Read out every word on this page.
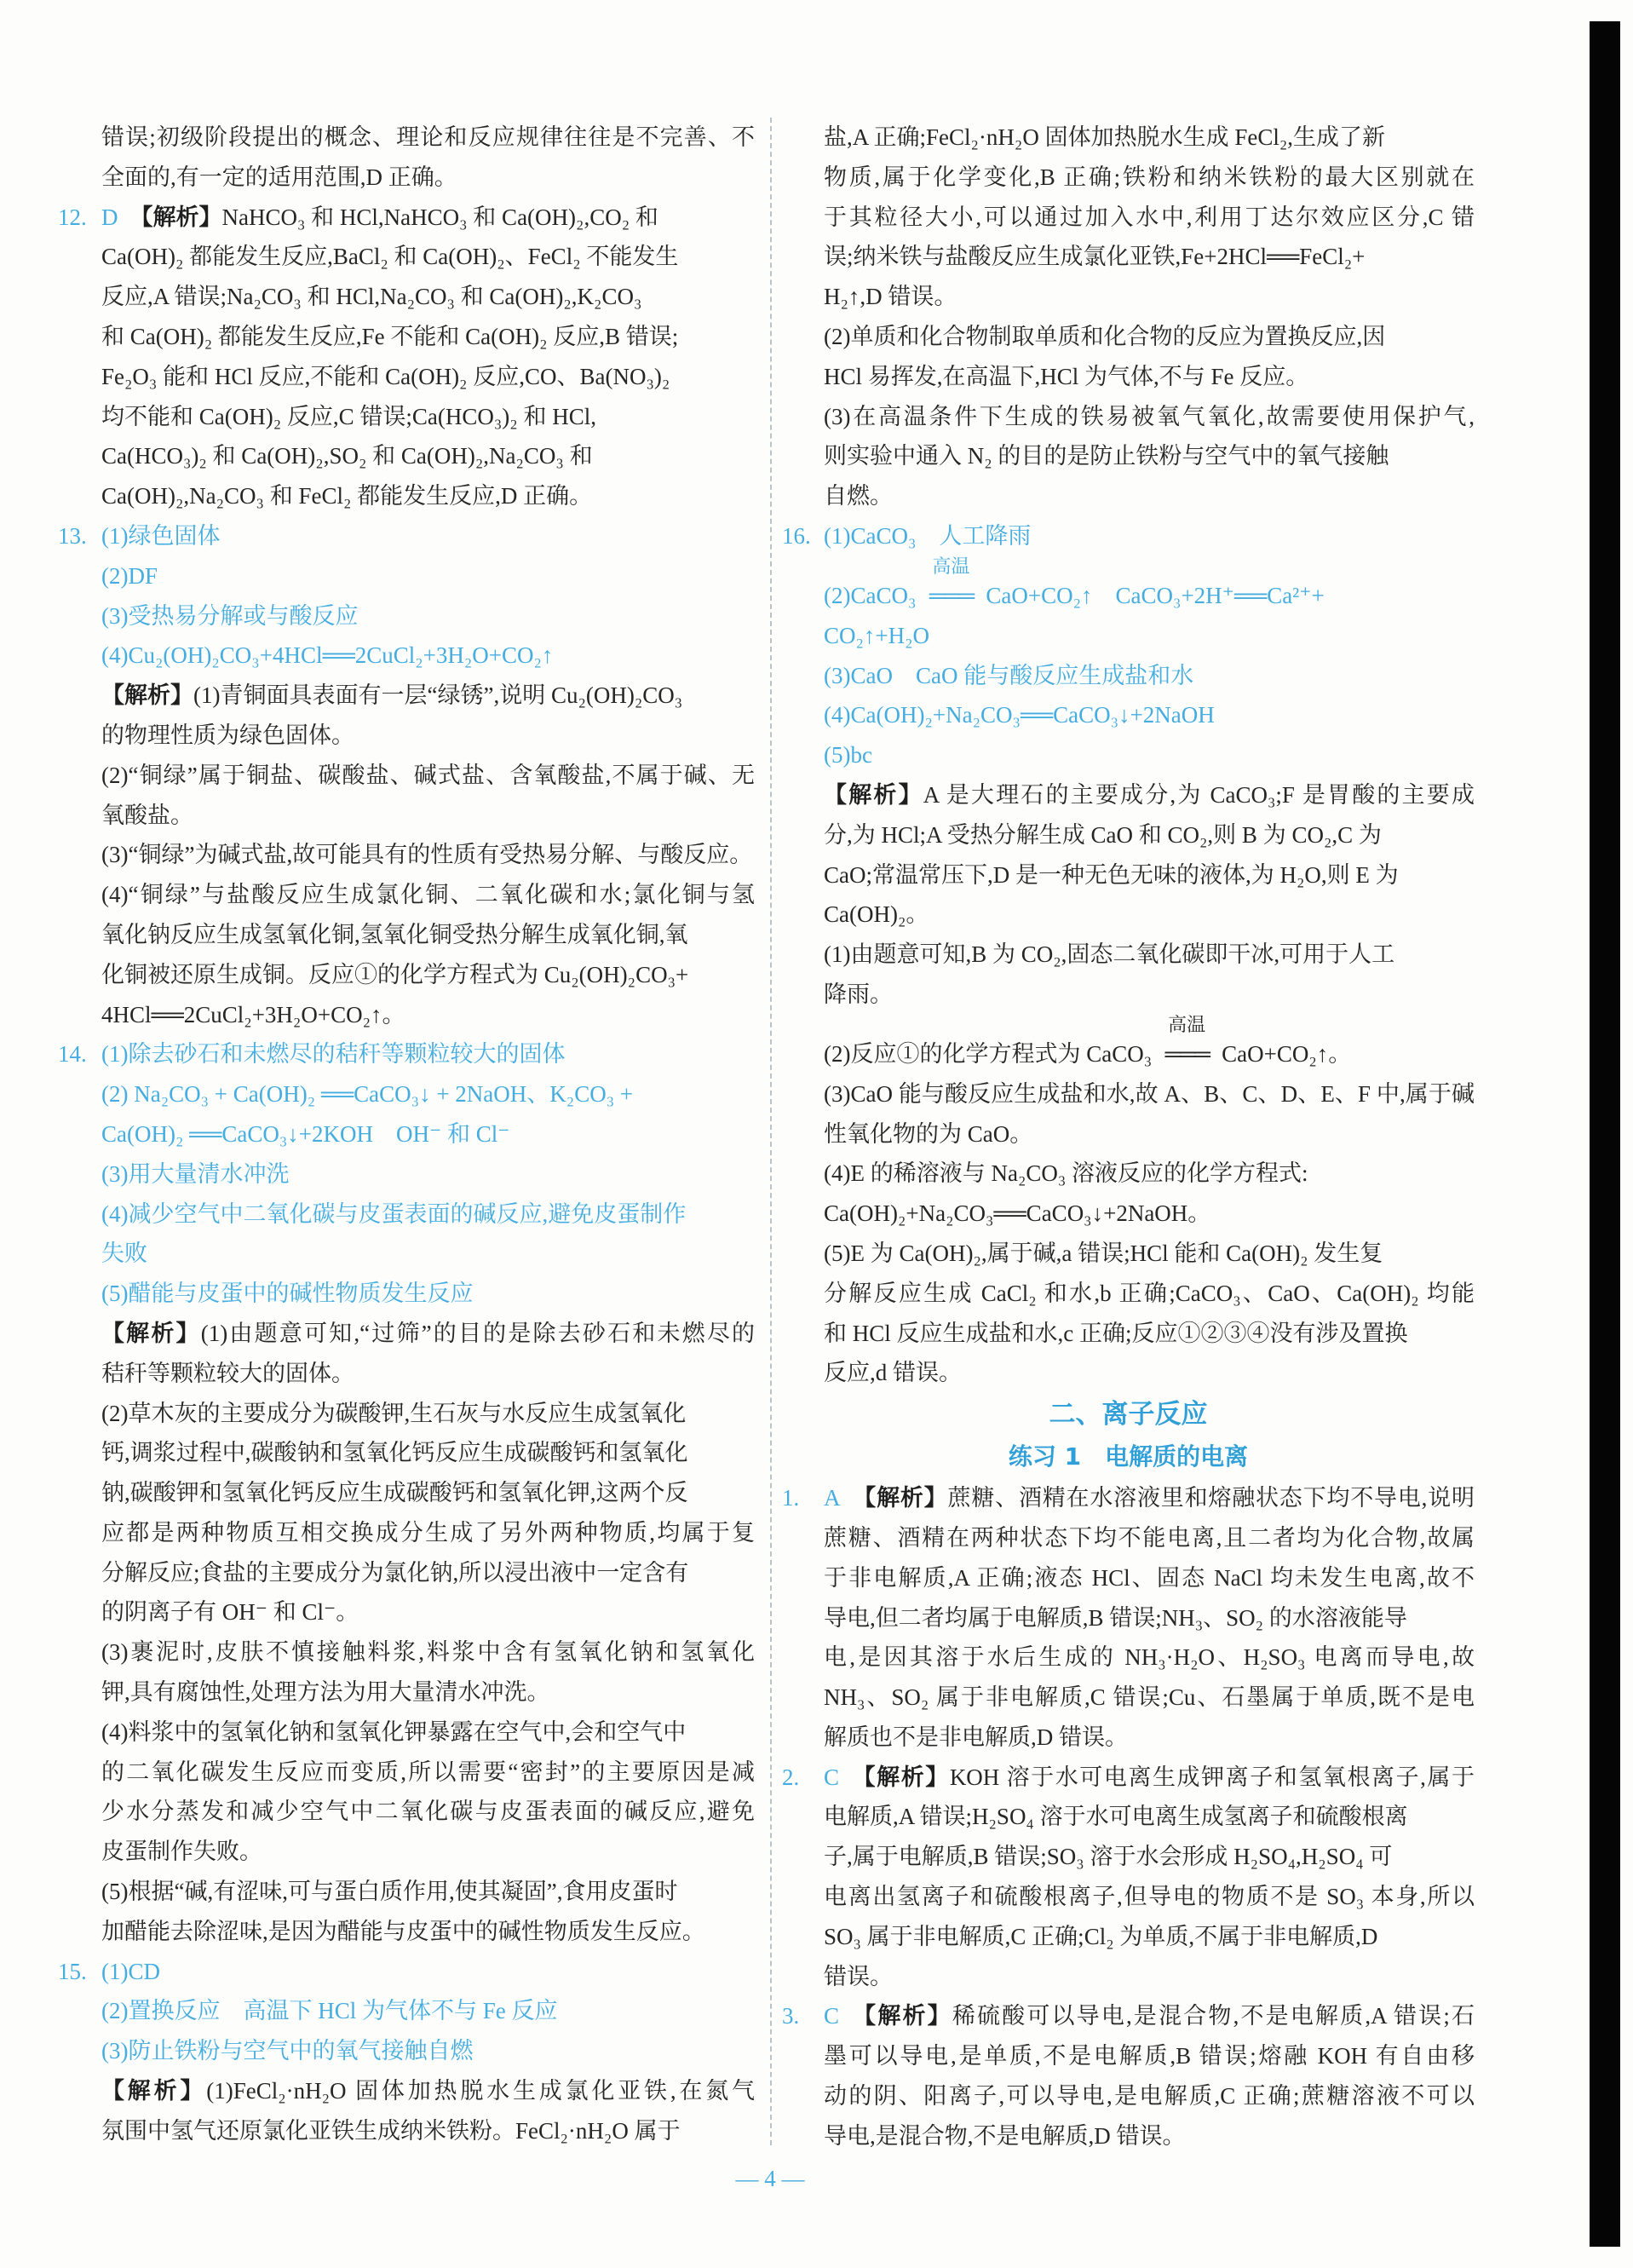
错误;初级阶段提出的概念、理论和反应规律往往是不完善、不
全面的,有一定的适用范围,D 正确。
12. D 【解析】NaHCO₃ 和 HCl,NaHCO₃ 和 Ca(OH)₂,CO₂ 和
Ca(OH)₂ 都能发生反应,BaCl₂ 和 Ca(OH)₂、FeCl₂ 不能发生
反应,A 错误;Na₂CO₃ 和 HCl,Na₂CO₃ 和 Ca(OH)₂,K₂CO₃
和 Ca(OH)₂ 都能发生反应,Fe 不能和 Ca(OH)₂ 反应,B 错误;
Fe₂O₃ 能和 HCl 反应,不能和 Ca(OH)₂ 反应,CO、Ba(NO₃)₂
均不能和 Ca(OH)₂ 反应,C 错误;Ca(HCO₃)₂ 和 HCl,
Ca(HCO₃)₂ 和 Ca(OH)₂,SO₂ 和 Ca(OH)₂,Na₂CO₃ 和
Ca(OH)₂,Na₂CO₃ 和 FeCl₂ 都能发生反应,D 正确。
13. (1)绿色固体
(2)DF
(3)受热易分解或与酸反应
(4)Cu₂(OH)₂CO₃+4HCl══2CuCl₂+3H₂O+CO₂↑
【解析】(1)青铜面具表面有一层“绿锈”,说明 Cu₂(OH)₂CO₃
的物理性质为绿色固体。
(2)“铜绿”属于铜盐、碳酸盐、碱式盐、含氧酸盐,不属于碱、无
氧酸盐。
(3)“铜绿”为碱式盐,故可能具有的性质有受热易分解、与酸反应。
(4)“铜绿”与盐酸反应生成氯化铜、二氧化碳和水;氯化铜与氢
氧化钠反应生成氢氧化铜,氢氧化铜受热分解生成氧化铜,氧
化铜被还原生成铜。反应①的化学方程式为 Cu₂(OH)₂CO₃+
4HCl══2CuCl₂+3H₂O+CO₂↑。
14. (1)除去砂石和未燃尽的秸秆等颗粒较大的固体
(2) Na₂CO₃ + Ca(OH)₂ ══CaCO₃↓ + 2NaOH、K₂CO₃ +
Ca(OH)₂ ══CaCO₃↓+2KOH　OH⁻ 和 Cl⁻
(3)用大量清水冲洗
(4)减少空气中二氧化碳与皮蛋表面的碱反应,避免皮蛋制作
失败
(5)醋能与皮蛋中的碱性物质发生反应
【解析】(1)由题意可知,“过筛”的目的是除去砂石和未燃尽的
秸秆等颗粒较大的固体。
(2)草木灰的主要成分为碳酸钾,生石灰与水反应生成氢氧化
钙,调浆过程中,碳酸钠和氢氧化钙反应生成碳酸钙和氢氧化
钠,碳酸钾和氢氧化钙反应生成碳酸钙和氢氧化钾,这两个反
应都是两种物质互相交换成分生成了另外两种物质,均属于复
分解反应;食盐的主要成分为氯化钠,所以浸出液中一定含有
的阴离子有 OH⁻ 和 Cl⁻。
(3)裹泥时,皮肤不慎接触料浆,料浆中含有氢氧化钠和氢氧化
钾,具有腐蚀性,处理方法为用大量清水冲洗。
(4)料浆中的氢氧化钠和氢氧化钾暴露在空气中,会和空气中
的二氧化碳发生反应而变质,所以需要“密封”的主要原因是减
少水分蒸发和减少空气中二氧化碳与皮蛋表面的碱反应,避免
皮蛋制作失败。
(5)根据“碱,有涩味,可与蛋白质作用,使其凝固”,食用皮蛋时
加醋能去除涩味,是因为醋能与皮蛋中的碱性物质发生反应。
15. (1)CD
(2)置换反应　高温下 HCl 为气体不与 Fe 反应
(3)防止铁粉与空气中的氧气接触自燃
【解析】(1)FeCl₂·nH₂O 固体加热脱水生成氯化亚铁,在氮气
氛围中氢气还原氯化亚铁生成纳米铁粉。FeCl₂·nH₂O 属于
盐,A 正确;FeCl₂·nH₂O 固体加热脱水生成 FeCl₂,生成了新
物质,属于化学变化,B 正确;铁粉和纳米铁粉的最大区别就在
于其粒径大小,可以通过加入水中,利用丁达尔效应区分,C 错
误;纳米铁与盐酸反应生成氯化亚铁,Fe+2HCl══FeCl₂+
H₂↑,D 错误。
(2)单质和化合物制取单质和化合物的反应为置换反应,因
HCl 易挥发,在高温下,HCl 为气体,不与 Fe 反应。
(3)在高温条件下生成的铁易被氧气氧化,故需要使用保护气,
则实验中通入 N₂ 的目的是防止铁粉与空气中的氧气接触
自燃。
16. (1)CaCO₃　人工降雨
(2)CaCO₃
高温
═══ CaO+CO₂↑　CaCO₃+2H⁺══Ca²⁺+
CO₂↑+H₂O
(3)CaO　CaO 能与酸反应生成盐和水
(4)Ca(OH)₂+Na₂CO₃══CaCO₃↓+2NaOH
(5)bc
【解析】A 是大理石的主要成分,为 CaCO₃;F 是胃酸的主要成
分,为 HCl;A 受热分解生成 CaO 和 CO₂,则 B 为 CO₂,C 为
CaO;常温常压下,D 是一种无色无味的液体,为 H₂O,则 E 为
Ca(OH)₂。
(1)由题意可知,B 为 CO₂,固态二氧化碳即干冰,可用于人工
降雨。
(2)反应①的化学方程式为 CaCO₃
高温
═══ CaO+CO₂↑。
(3)CaO 能与酸反应生成盐和水,故 A、B、C、D、E、F 中,属于碱
性氧化物的为 CaO。
(4)E 的稀溶液与 Na₂CO₃ 溶液反应的化学方程式:
Ca(OH)₂+Na₂CO₃══CaCO₃↓+2NaOH。
(5)E 为 Ca(OH)₂,属于碱,a 错误;HCl 能和 Ca(OH)₂ 发生复
分解反应生成 CaCl₂ 和水,b 正确;CaCO₃、CaO、Ca(OH)₂ 均能
和 HCl 反应生成盐和水,c 正确;反应①②③④没有涉及置换
反应,d 错误。
二、离子反应
练习 1　电解质的电离
1. A 【解析】蔗糖、酒精在水溶液里和熔融状态下均不导电,说明
蔗糖、酒精在两种状态下均不能电离,且二者均为化合物,故属
于非电解质,A 正确;液态 HCl、固态 NaCl 均未发生电离,故不
导电,但二者均属于电解质,B 错误;NH₃、SO₂ 的水溶液能导
电,是因其溶于水后生成的 NH₃·H₂O、H₂SO₃ 电离而导电,故
NH₃、SO₂ 属于非电解质,C 错误;Cu、石墨属于单质,既不是电
解质也不是非电解质,D 错误。
2. C 【解析】KOH 溶于水可电离生成钾离子和氢氧根离子,属于
电解质,A 错误;H₂SO₄ 溶于水可电离生成氢离子和硫酸根离
子,属于电解质,B 错误;SO₃ 溶于水会形成 H₂SO₄,H₂SO₄ 可
电离出氢离子和硫酸根离子,但导电的物质不是 SO₃ 本身,所以
SO₃ 属于非电解质,C 正确;Cl₂ 为单质,不属于非电解质,D
错误。
3. C 【解析】稀硫酸可以导电,是混合物,不是电解质,A 错误;石
墨可以导电,是单质,不是电解质,B 错误;熔融 KOH 有自由移
动的阴、阳离子,可以导电,是电解质,C 正确;蔗糖溶液不可以
导电,是混合物,不是电解质,D 错误。
— 4 —
